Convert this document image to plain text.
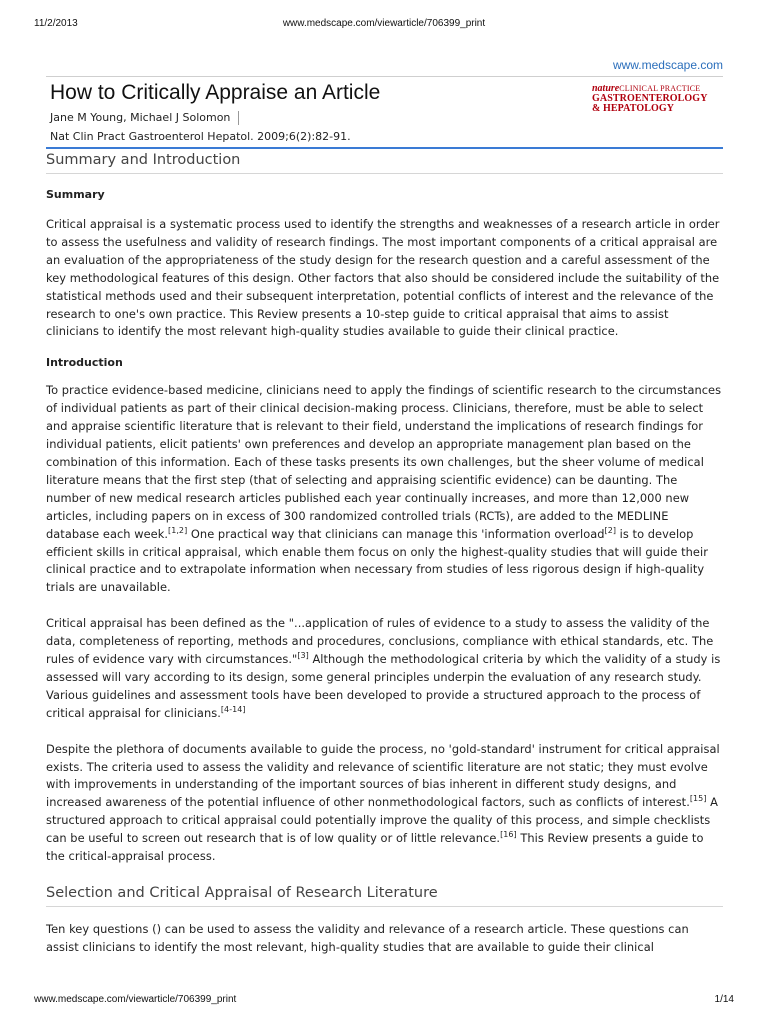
11/2/2013	www.medscape.com/viewarticle/706399_print
www.medscape.com
How to Critically Appraise an Article
Jane M Young, Michael J Solomon
Nat Clin Pract Gastroenterol Hepatol. 2009;6(2):82-91.
natureCLINICAL PRACTICE
GASTROENTEROLOGY
& HEPATOLOGY
Summary and Introduction
Summary

Critical appraisal is a systematic process used to identify the strengths and weaknesses of a research article in order to assess the usefulness and validity of research findings. The most important components of a critical appraisal are an evaluation of the appropriateness of the study design for the research question and a careful assessment of the key methodological features of this design. Other factors that also should be considered include the suitability of the statistical methods used and their subsequent interpretation, potential conflicts of interest and the relevance of the research to one's own practice. This Review presents a 10-step guide to critical appraisal that aims to assist clinicians to identify the most relevant high-quality studies available to guide their clinical practice.

Introduction

To practice evidence-based medicine, clinicians need to apply the findings of scientific research to the circumstances of individual patients as part of their clinical decision-making process. Clinicians, therefore, must be able to select and appraise scientific literature that is relevant to their field, understand the implications of research findings for individual patients, elicit patients' own preferences and develop an appropriate management plan based on the combination of this information. Each of these tasks presents its own challenges, but the sheer volume of medical literature means that the first step (that of selecting and appraising scientific evidence) can be daunting. The number of new medical research articles published each year continually increases, and more than 12,000 new articles, including papers on in excess of 300 randomized controlled trials (RCTs), are added to the MEDLINE database each week.[1,2] One practical way that clinicians can manage this 'information overload[2] is to develop efficient skills in critical appraisal, which enable them focus on only the highest-quality studies that will guide their clinical practice and to extrapolate information when necessary from studies of less rigorous design if high-quality trials are unavailable.

Critical appraisal has been defined as the "...application of rules of evidence to a study to assess the validity of the data, completeness of reporting, methods and procedures, conclusions, compliance with ethical standards, etc. The rules of evidence vary with circumstances."[3] Although the methodological criteria by which the validity of a study is assessed will vary according to its design, some general principles underpin the evaluation of any research study. Various guidelines and assessment tools have been developed to provide a structured approach to the process of critical appraisal for clinicians.[4-14]

Despite the plethora of documents available to guide the process, no 'gold-standard' instrument for critical appraisal exists. The criteria used to assess the validity and relevance of scientific literature are not static; they must evolve with improvements in understanding of the important sources of bias inherent in different study designs, and increased awareness of the potential influence of other nonmethodological factors, such as conflicts of interest.[15] A structured approach to critical appraisal could potentially improve the quality of this process, and simple checklists can be useful to screen out research that is of low quality or of little relevance.[16] This Review presents a guide to the critical-appraisal process.

Selection and Critical Appraisal of Research Literature

Ten key questions () can be used to assess the validity and relevance of a research article. These questions can assist clinicians to identify the most relevant, high-quality studies that are available to guide their clinical

www.medscape.com/viewarticle/706399_print	1/14
